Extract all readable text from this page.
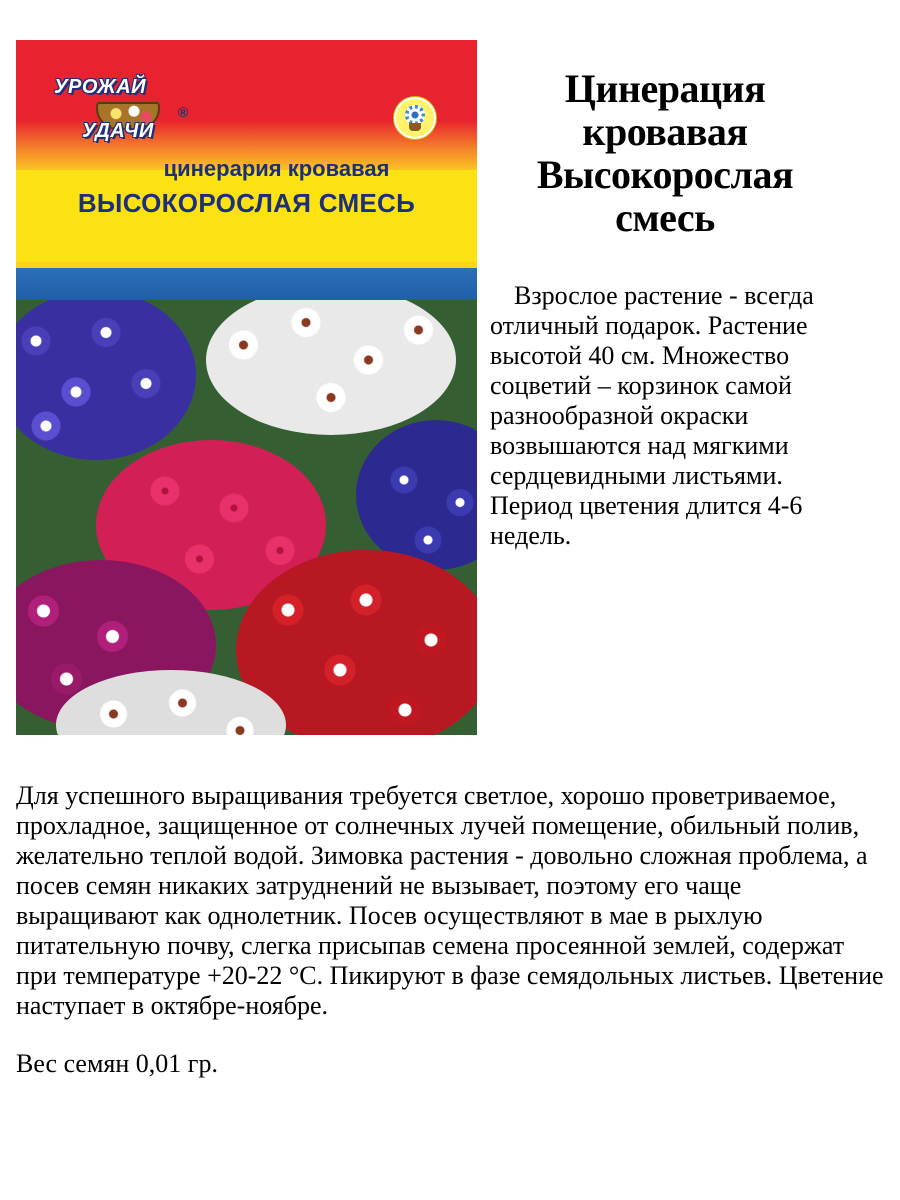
УРОЖАЙ
УДАЧИ
®
цинерария кровавая
ВЫСОКОРОСЛАЯ СМЕСЬ
Цинерация кровавая Высокорослая смесь

Взрослое растение - всегда отличный подарок. Растение высотой 40 см. Множество соцветий – корзинок самой разнообразной окраски возвышаются над мягкими сердцевидными листьями. Период цветения длится 4-6 недель.

Для успешного выращивания требуется светлое, хорошо проветриваемое, прохладное, защищенное от солнечных лучей помещение, обильный полив, желательно теплой водой. Зимовка растения - довольно сложная проблема, а посев семян никаких затруднений не вызывает, поэтому его чаще выращивают как однолетник. Посев осуществляют в мае в рыхлую питательную почву, слегка присыпав семена просеянной землей, содержат при температуре +20-22 °С. Пикируют в фазе семядольных листьев. Цветение наступает в октябре-ноябре.

Вес семян 0,01 гр.
